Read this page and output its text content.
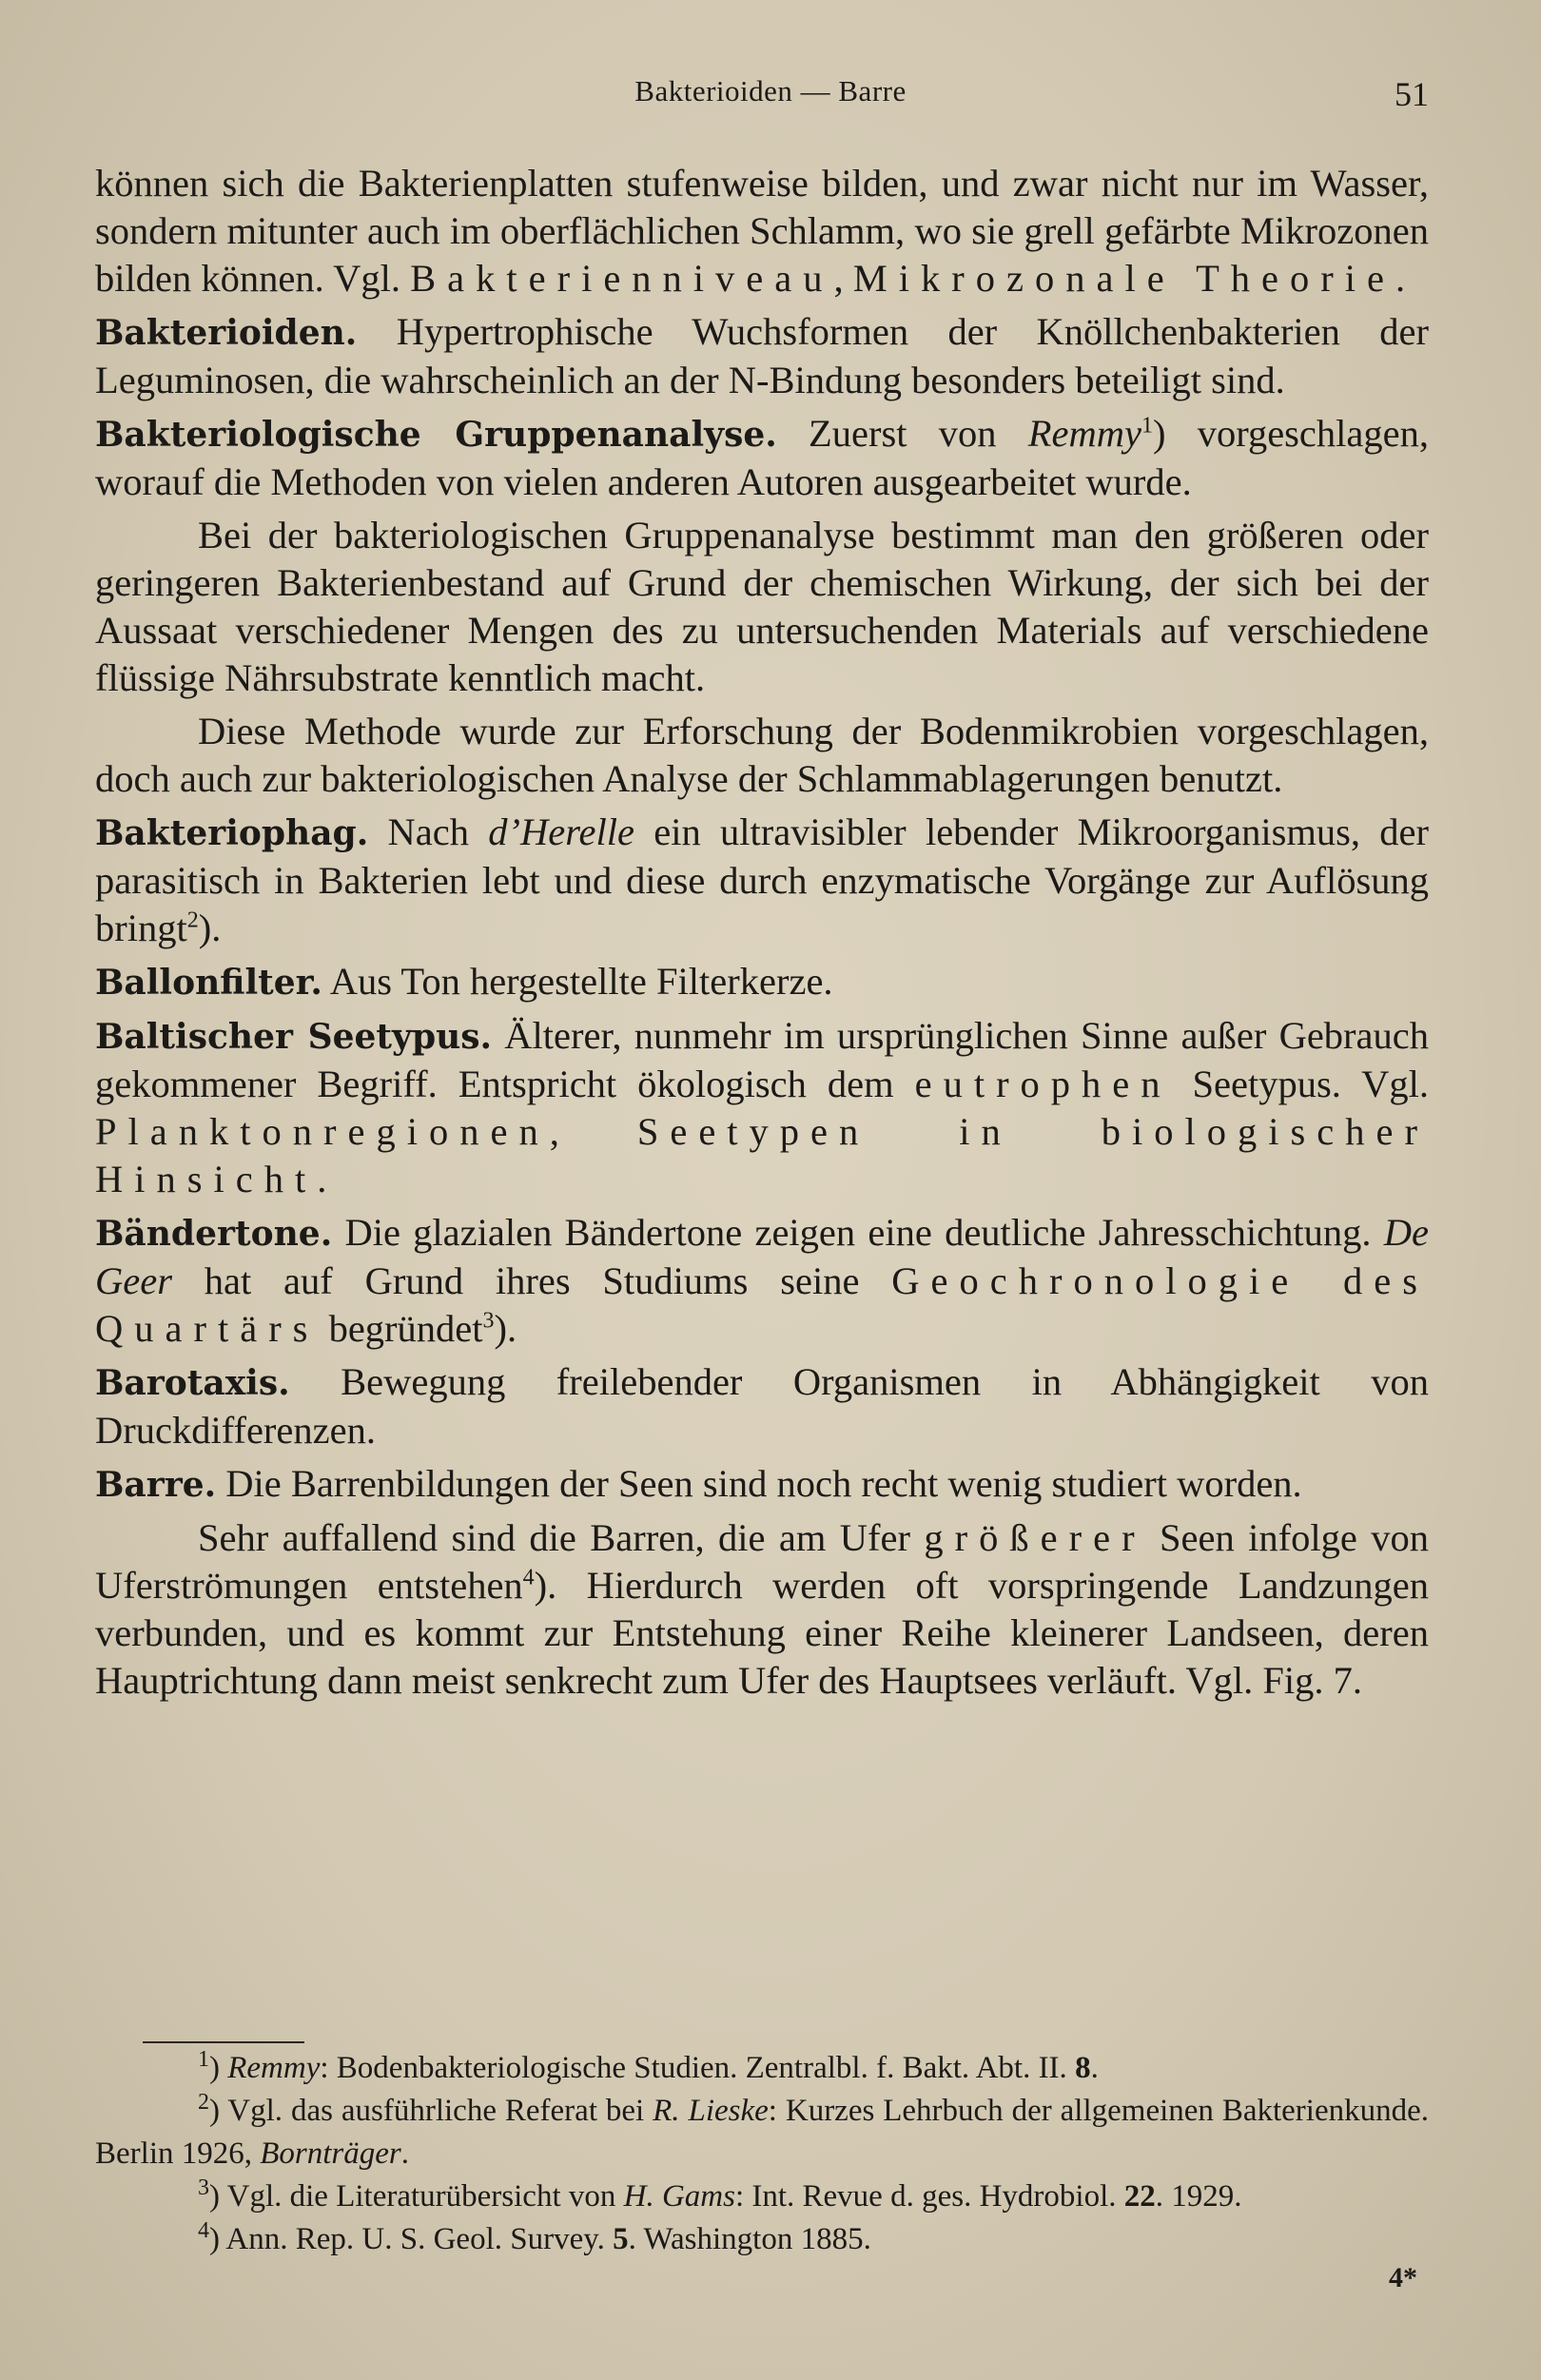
Bakterioiden — Barre	51

können sich die Bakterienplatten stufenweise bilden, und zwar nicht nur im Wasser, sondern mitunter auch im oberflächlichen Schlamm, wo sie grell gefärbte Mikrozonen bilden können. Vgl. Bakterienniveau, Mikrozonale Theorie.

Bakterioiden. Hypertrophische Wuchsformen der Knöllchenbakterien der Leguminosen, die wahrscheinlich an der N-Bindung besonders beteiligt sind.

Bakteriologische Gruppenanalyse. Zuerst von Remmy$^1$) vorgeschlagen, worauf die Methoden von vielen anderen Autoren ausgearbeitet wurde.

Bei der bakteriologischen Gruppenanalyse bestimmt man den größeren oder geringeren Bakterienbestand auf Grund der chemischen Wirkung, der sich bei der Aussaat verschiedener Mengen des zu untersuchenden Materials auf verschiedene flüssige Nährsubstrate kenntlich macht.

Diese Methode wurde zur Erforschung der Bodenmikrobien vorgeschlagen, doch auch zur bakteriologischen Analyse der Schlammablagerungen benutzt.

Bakteriophag. Nach d’Herelle ein ultravisibler lebender Mikroorganismus, der parasitisch in Bakterien lebt und diese durch enzymatische Vorgänge zur Auflösung bringt$^2$).

Ballonfilter. Aus Ton hergestellte Filterkerze.

Baltischer Seetypus. Älterer, nunmehr im ursprünglichen Sinne außer Gebrauch gekommener Begriff. Entspricht ökologisch dem eutrophen Seetypus. Vgl. Planktonregionen, Seetypen in biologischer Hinsicht.

Bändertone. Die glazialen Bändertone zeigen eine deutliche Jahresschichtung. De Geer hat auf Grund ihres Studiums seine Geochronologie des Quartärs begründet$^3$).

Barotaxis. Bewegung freilebender Organismen in Abhängigkeit von Druckdifferenzen.

Barre. Die Barrenbildungen der Seen sind noch recht wenig studiert worden.

Sehr auffallend sind die Barren, die am Ufer größerer Seen infolge von Uferströmungen entstehen$^4$). Hierdurch werden oft vorspringende Landzungen verbunden, und es kommt zur Entstehung einer Reihe kleinerer Landseen, deren Hauptrichtung dann meist senkrecht zum Ufer des Hauptsees verläuft. Vgl. Fig. 7.

$^1$) Remmy: Bodenbakteriologische Studien. Zentralbl. f. Bakt. Abt. II. 8.

$^2$) Vgl. das ausführliche Referat bei R. Lieske: Kurzes Lehrbuch der allgemeinen Bakterienkunde. Berlin 1926, Bornträger.

$^3$) Vgl. die Literaturübersicht von H. Gams: Int. Revue d. ges. Hydrobiol. 22. 1929.

$^4$) Ann. Rep. U. S. Geol. Survey. 5. Washington 1885.

4*
